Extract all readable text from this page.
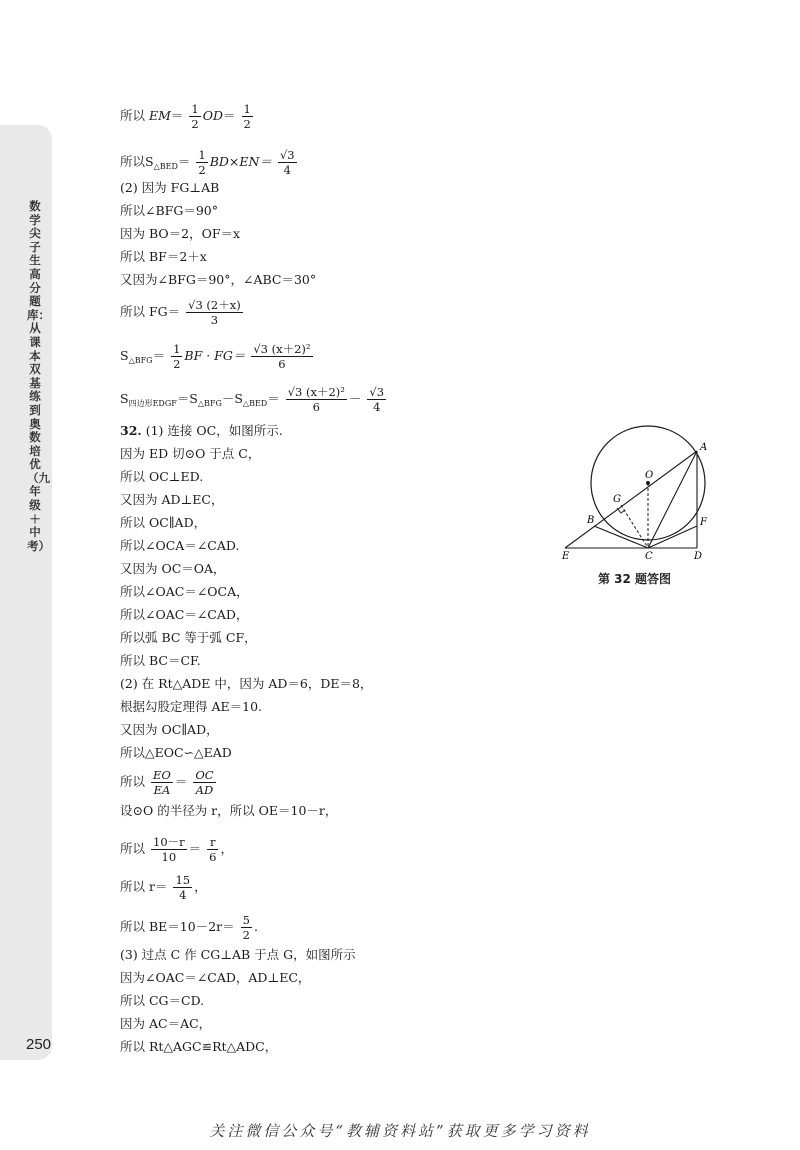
数学尖子生高分题库：从课本双基练到奥数培优（九年级＋中考）
250
所以 $EM= \frac{1}{2} OD= \frac{1}{2}$
所以$S_{\triangle BED}= \frac{1}{2} BD\times EN= \frac{√3}{4}$
(2) 因为 FG⊥AB
所以∠BFG＝90°
因为 BO＝2，OF＝x
所以 BF＝2＋x
又因为∠BFG＝90°，∠ABC＝30°
所以 $FG= \frac{√3 (2+x)}{3}$
$S_{\triangle BFG}= \frac{1}{2}$ BF · $FG= \frac{\text{√3 (x＋2)²}}{6}$
$S_{四边形EDGF}=S_{\triangle BFG}-S_{\triangle BED}= \frac{\text{√3 (x＋2)²}}{6} - \frac{√3}{4}$
32. (1) 连接 OC，如图所示.
因为 ED 切⊙O 于点 C，
所以 OC⊥ED.
又因为 AD⊥EC，
所以 OC∥AD，
所以∠OCA＝∠CAD.
又因为 OC＝OA，
所以∠OAC＝∠OCA，
所以∠OAC＝∠CAD，
所以弧 BC 等于弧 CF，
所以 BC＝CF.
(2) 在 Rt△ADE 中，因为 AD＝6，DE＝8，
根据勾股定理得 AE＝10.
又因为 OC∥AD，
所以△EOC∽△EAD
所以 $\frac{EO}{EA} = \frac{OC}{AD}$
设⊙O 的半径为 r，所以 OE＝10－r，
所以 $\frac{10-r}{10} = \frac{r}{6}$ ，
所以 $r= \frac{15}{4}$ ，
所以 $BE=10-2r= \frac{5}{2}$ .
(3) 过点 C 作 CG⊥AB 于点 G，如图所示
因为∠OAC＝∠CAD，AD⊥EC，
所以 CG＝CD.
因为 AC＝AC，
所以 Rt△AGC≌Rt△ADC，
A
O
G
B	F
E	C	D
第 32 题答图
关注微信公众号“教辅资料站”获取更多学习资料
